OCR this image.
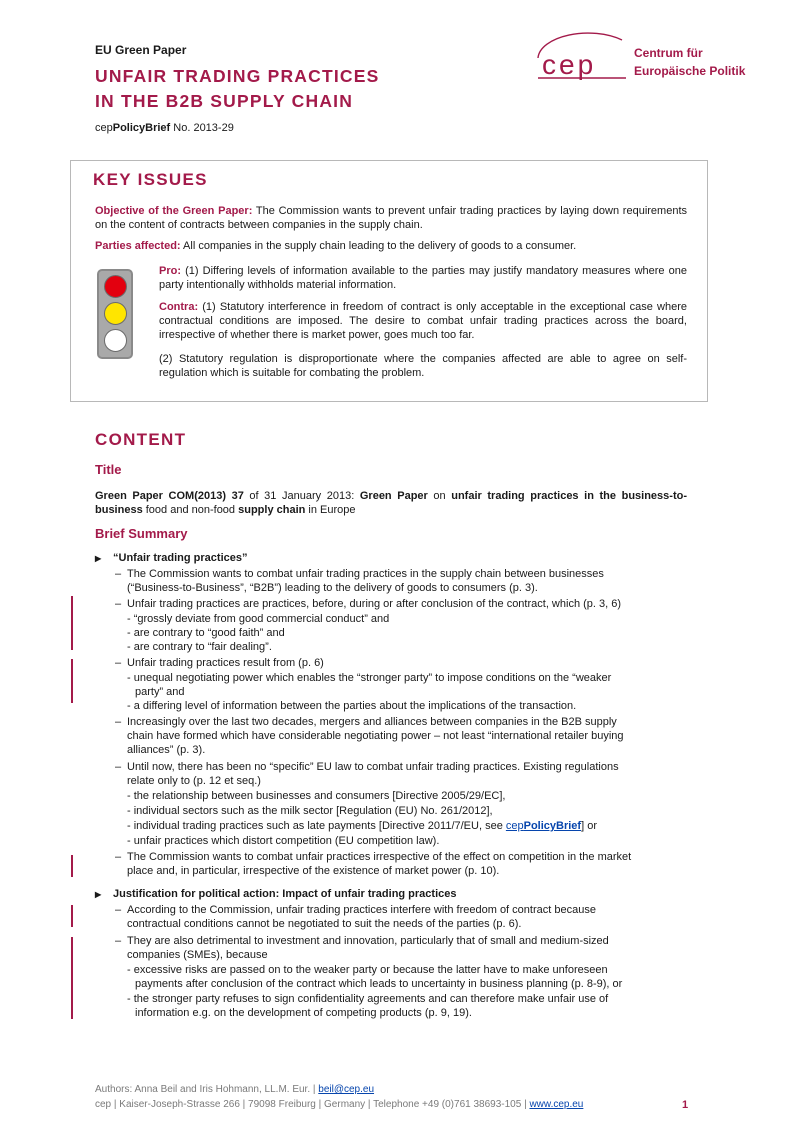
EU Green Paper
UNFAIR TRADING PRACTICES
IN THE B2B SUPPLY CHAIN
cepPolicyBrief No. 2013-29
cep	Centrum für
Europäische Politik
KEY ISSUES
Objective of the Green Paper: The Commission wants to prevent unfair trading practices by laying down requirements on the content of contracts between companies in the supply chain.
Parties affected: All companies in the supply chain leading to the delivery of goods to a consumer.
Pro: (1) Differing levels of information available to the parties may justify mandatory measures where one party intentionally withholds material information.
Contra: (1) Statutory interference in freedom of contract is only acceptable in the exceptional case where contractual conditions are imposed. The desire to combat unfair trading practices across the board, irrespective of whether there is market power, goes much too far.
(2) Statutory regulation is disproportionate where the companies affected are able to agree on self-regulation which is suitable for combating the problem.
CONTENT
Title
Green Paper COM(2013) 37 of 31 January 2013: Green Paper on unfair trading practices in the business-to-business food and non-food supply chain in Europe
Brief Summary
▶ “Unfair trading practices”
– The Commission wants to combat unfair trading practices in the supply chain between businesses
(“Business-to-Business”, “B2B”) leading to the delivery of goods to consumers (p. 3).
– Unfair trading practices are practices, before, during or after conclusion of the contract, which (p. 3, 6)
- “grossly deviate from good commercial conduct” and
- are contrary to “good faith” and
- are contrary to “fair dealing”.
– Unfair trading practices result from (p. 6)
- unequal negotiating power which enables the “stronger party” to impose conditions on the “weaker
party” and
- a differing level of information between the parties about the implications of the transaction.
– Increasingly over the last two decades, mergers and alliances between companies in the B2B supply
chain have formed which have considerable negotiating power – not least “international retailer buying
alliances” (p. 3).
– Until now, there has been no “specific” EU law to combat unfair trading practices. Existing regulations
relate only to (p. 12 et seq.)
- the relationship between businesses and consumers [Directive 2005/29/EC],
- individual sectors such as the milk sector [Regulation (EU) No. 261/2012],
- individual trading practices such as late payments [Directive 2011/7/EU, see cepPolicyBrief] or
- unfair practices which distort competition (EU competition law).
– The Commission wants to combat unfair practices irrespective of the effect on competition in the market
place and, in particular, irrespective of the existence of market power (p. 10).
▶ Justification for political action: Impact of unfair trading practices
– According to the Commission, unfair trading practices interfere with freedom of contract because
contractual conditions cannot be negotiated to suit the needs of the parties (p. 6).
– They are also detrimental to investment and innovation, particularly that of small and medium-sized
companies (SMEs), because
- excessive risks are passed on to the weaker party or because the latter have to make unforeseen
payments after conclusion of the contract which leads to uncertainty in business planning (p. 8-9), or
- the stronger party refuses to sign confidentiality agreements and can therefore make unfair use of
information e.g. on the development of competing products (p. 9, 19).
Authors: Anna Beil and Iris Hohmann, LL.M. Eur. | beil@cep.eu
cep | Kaiser-Joseph-Strasse 266 | 79098 Freiburg | Germany | Telephone +49 (0)761 38693-105 | www.cep.eu	1
